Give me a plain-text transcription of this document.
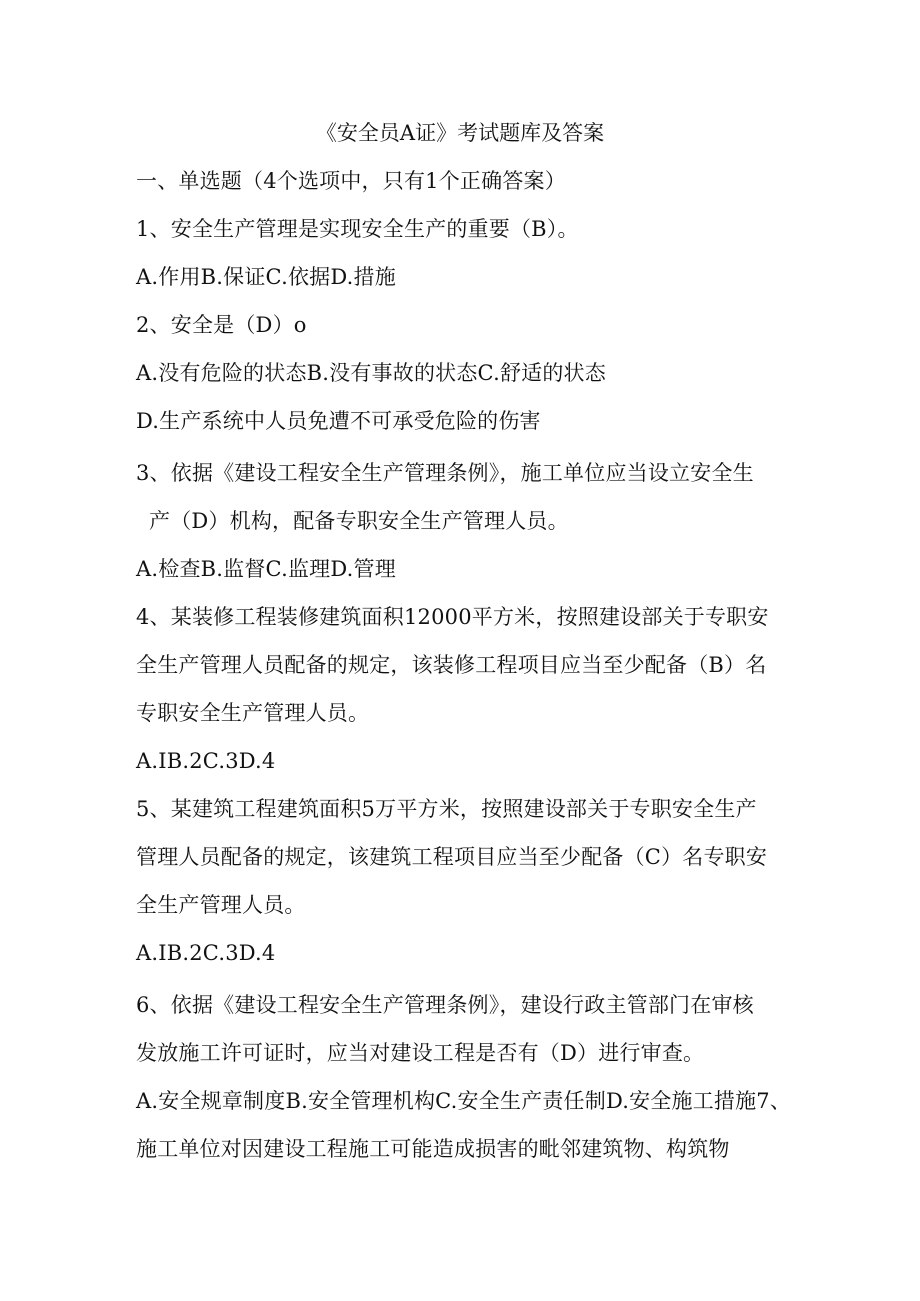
《安全员A证》考试题库及答案
一、单选题（4个选项中，只有1个正确答案）
1、安全生产管理是实现安全生产的重要（B）。
A.作用B.保证C.依据D.措施
2、安全是（D）o
A.没有危险的状态B.没有事故的状态C.舒适的状态
D.生产系统中人员免遭不可承受危险的伤害
3、依据《建设工程安全生产管理条例》，施工单位应当设立安全生
产（D）机构，配备专职安全生产管理人员。
A.检查B.监督C.监理D.管理
4、某装修工程装修建筑面积12000平方米，按照建设部关于专职安
全生产管理人员配备的规定，该装修工程项目应当至少配备（B）名
专职安全生产管理人员。
A.IB.2C.3D.4
5、某建筑工程建筑面积5万平方米，按照建设部关于专职安全生产
管理人员配备的规定，该建筑工程项目应当至少配备（C）名专职安
全生产管理人员。
A.IB.2C.3D.4
6、依据《建设工程安全生产管理条例》，建设行政主管部门在审核
发放施工许可证时，应当对建设工程是否有（D）进行审查。
A.安全规章制度B.安全管理机构C.安全生产责任制D.安全施工措施7、
施工单位对因建设工程施工可能造成损害的毗邻建筑物、构筑物
